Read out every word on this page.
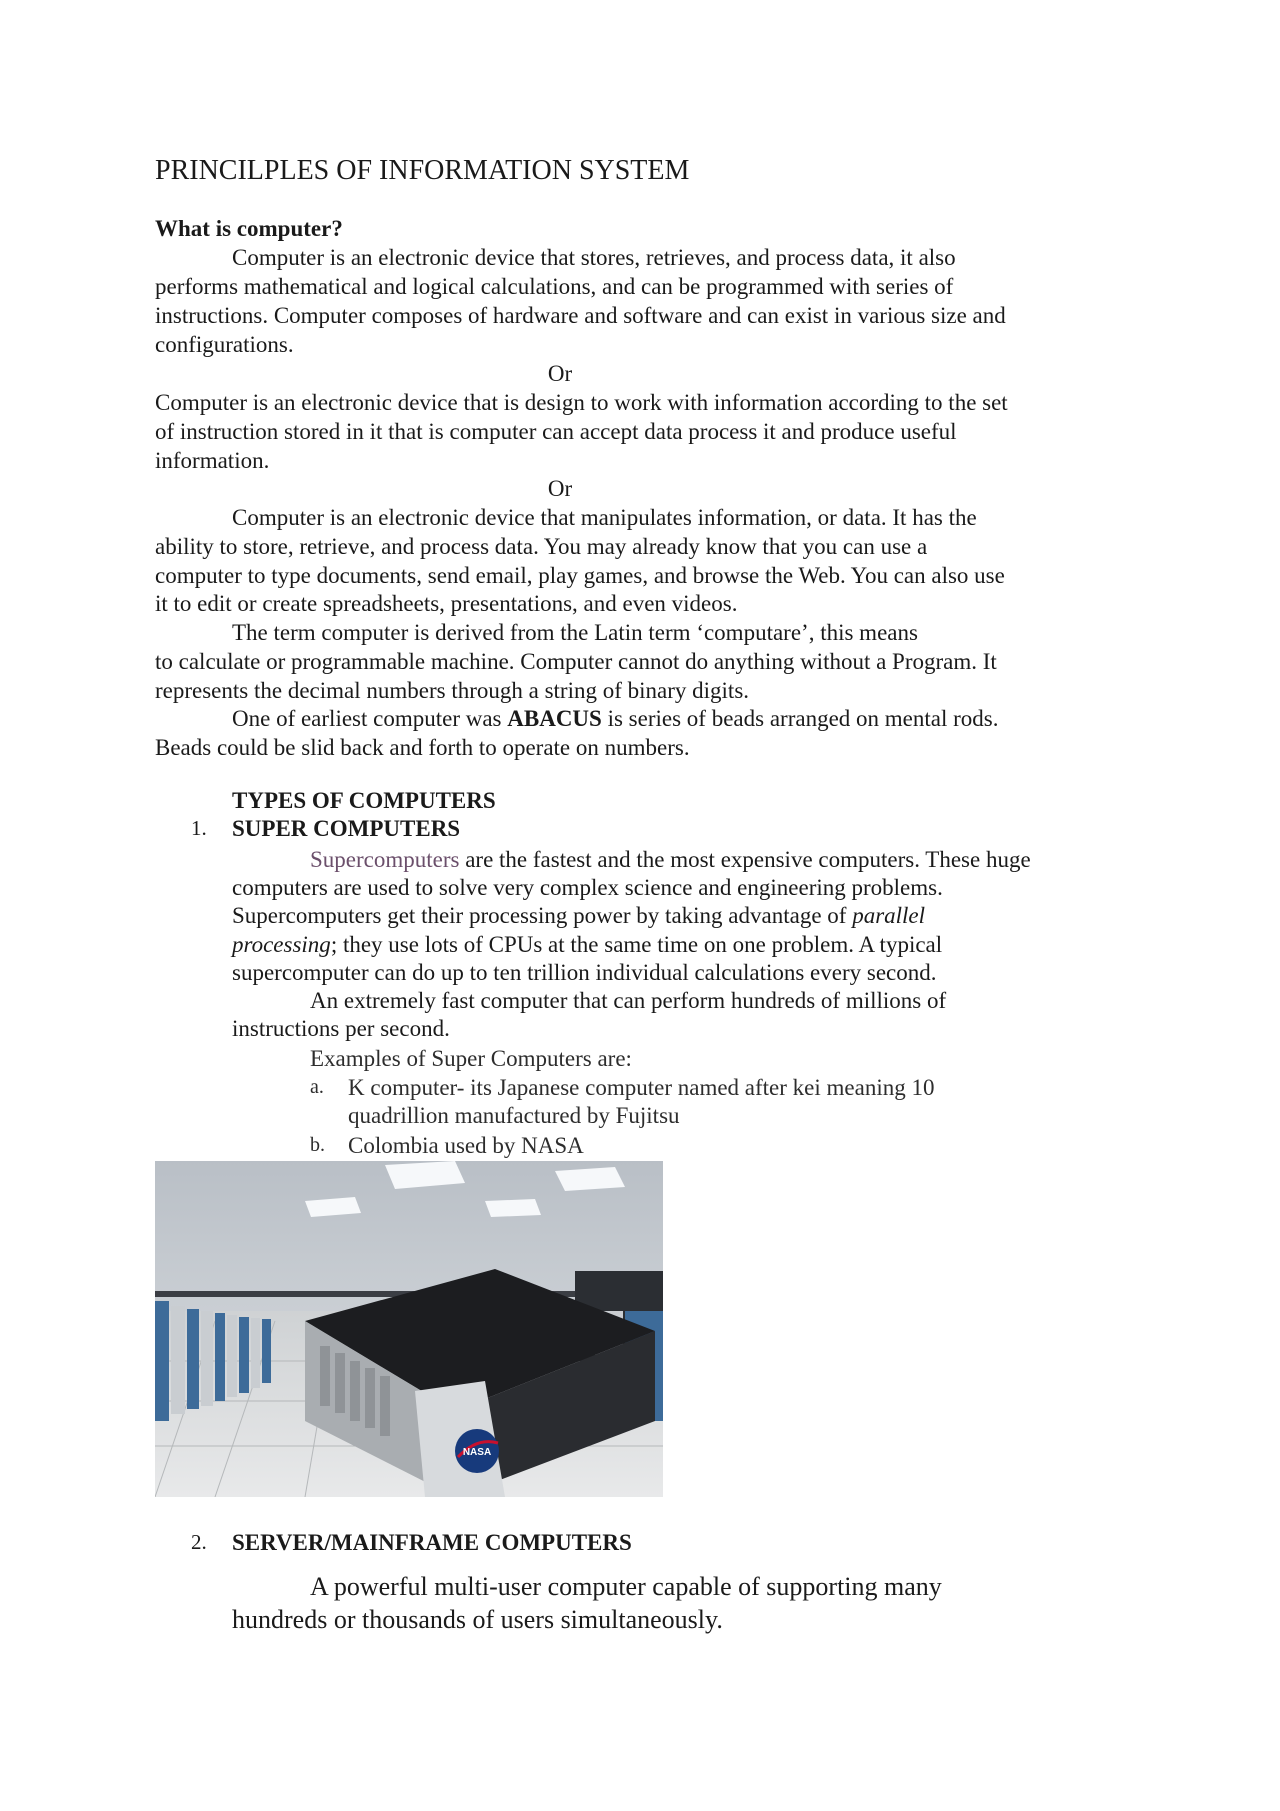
PRINCILPLES OF INFORMATION SYSTEM
What is computer?
Computer is an electronic device that stores, retrieves, and process data, it also
performs mathematical and logical calculations, and can be programmed with series of
instructions. Computer composes of hardware and software and can exist in various size and
configurations.
Or
Computer is an electronic device that is design to work with information according to the set
of instruction stored in it that is computer can accept data process it and produce useful
information.
Or
Computer is an electronic device that manipulates information, or data. It has the
ability to store, retrieve, and process data. You may already know that you can use a
computer to type documents, send email, play games, and browse the Web. You can also use
it to edit or create spreadsheets, presentations, and even videos.
The term computer is derived from the Latin term ‘computare’, this means
to calculate or programmable machine. Computer cannot do anything without a Program. It
represents the decimal numbers through a string of binary digits.
One of earliest computer was ABACUS is series of beads arranged on mental rods.
Beads could be slid back and forth to operate on numbers.
TYPES OF COMPUTERS
1. SUPER COMPUTERS
Supercomputers are the fastest and the most expensive computers. These huge
computers are used to solve very complex science and engineering problems.
Supercomputers get their processing power by taking advantage of parallel
processing; they use lots of CPUs at the same time on one problem. A typical
supercomputer can do up to ten trillion individual calculations every second.
An extremely fast computer that can perform hundreds of millions of
instructions per second.
Examples of Super Computers are:
a. K computer- its Japanese computer named after kei meaning 10
quadrillion manufactured by Fujitsu
b. Colombia used by NASA
NASA
2. SERVER/MAINFRAME COMPUTERS
A powerful multi-user computer capable of supporting many
hundreds or thousands of users simultaneously.
